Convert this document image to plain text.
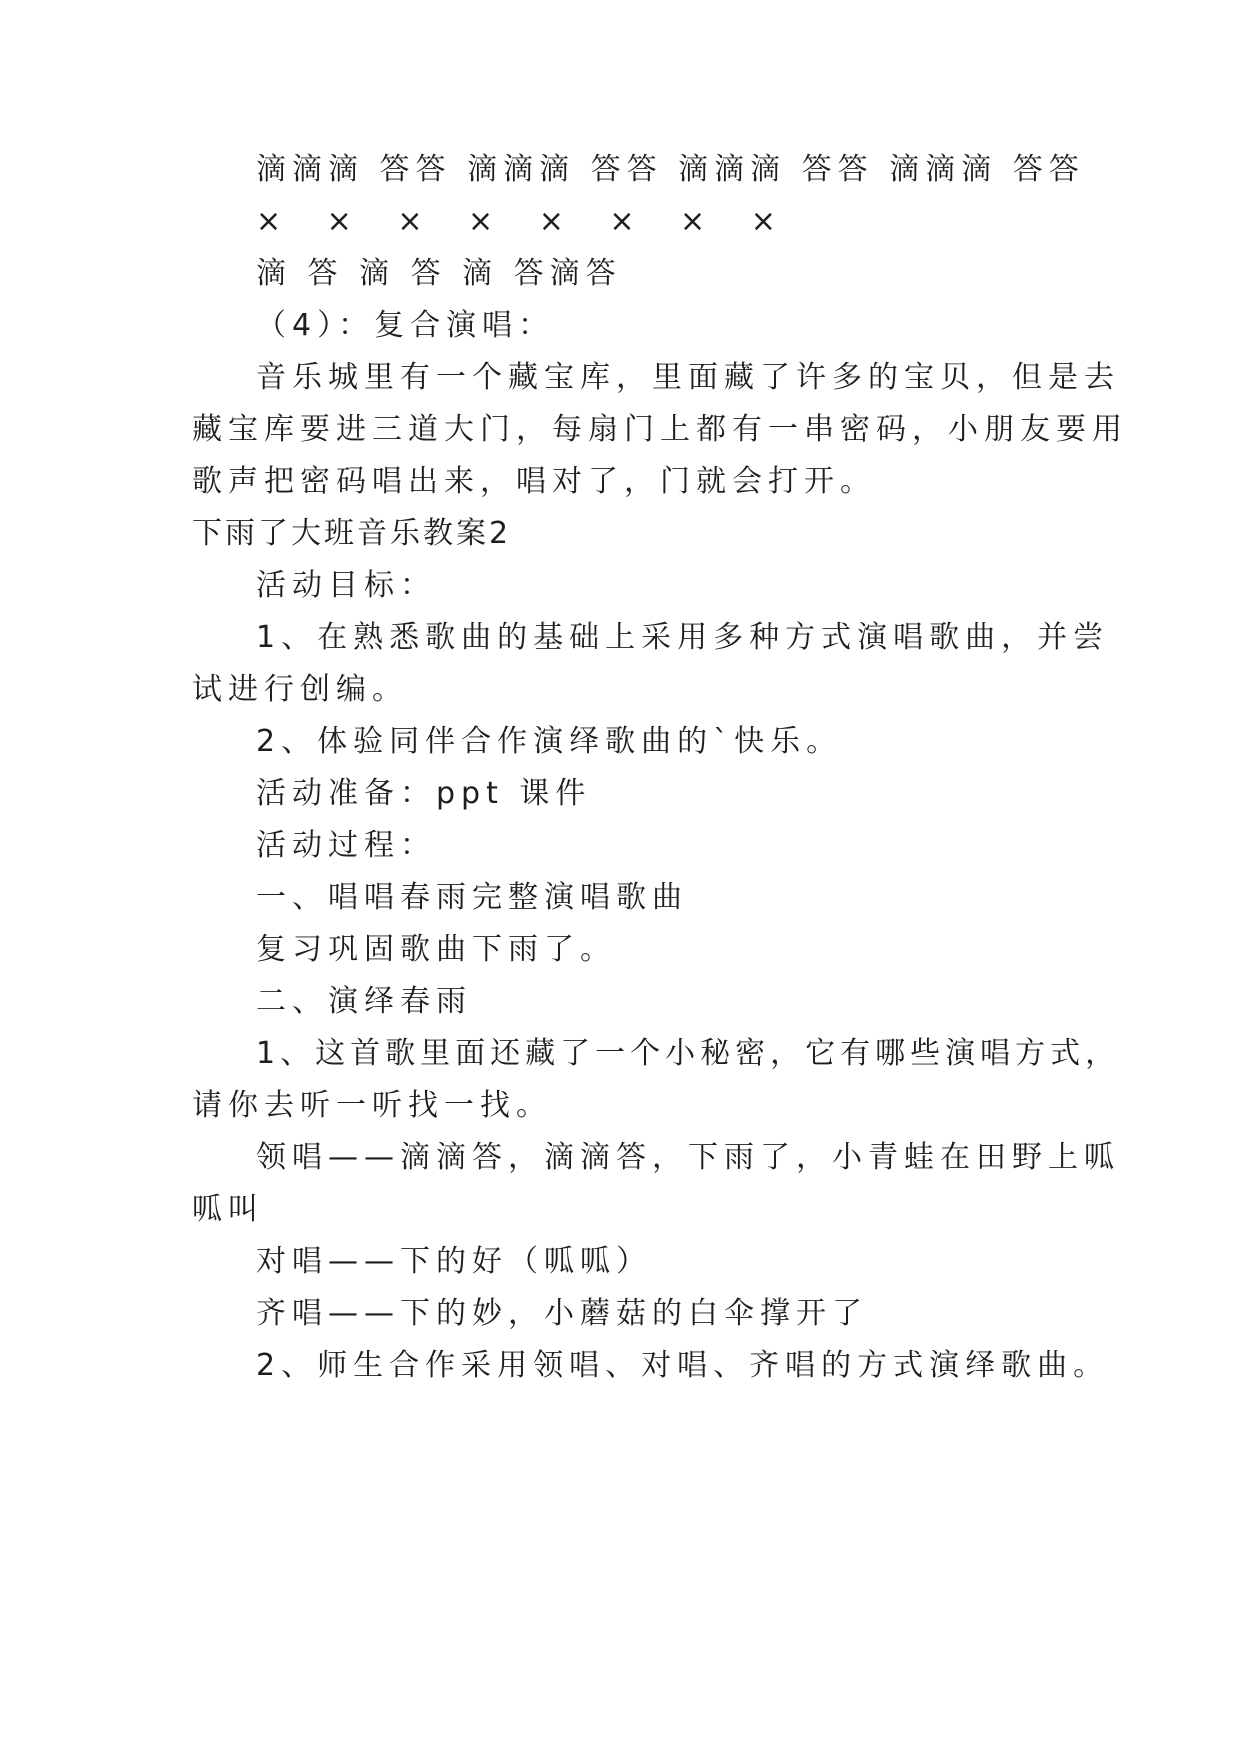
滴滴滴 答答 滴滴滴 答答 滴滴滴 答答 滴滴滴 答答
× × × × × × × ×
滴 答 滴 答 滴 答滴答
（4）：复合演唱：
音乐城里有一个藏宝库，里面藏了许多的宝贝，但是去
藏宝库要进三道大门，每扇门上都有一串密码，小朋友要用
歌声把密码唱出来，唱对了，门就会打开。
下雨了大班音乐教案2
活动目标：
1、在熟悉歌曲的基础上采用多种方式演唱歌曲，并尝
试进行创编。
2、体验同伴合作演绎歌曲的`快乐。
活动准备：ppt 课件
活动过程：
一、唱唱春雨完整演唱歌曲
复习巩固歌曲下雨了。
二、演绎春雨
1、这首歌里面还藏了一个小秘密，它有哪些演唱方式，
请你去听一听找一找。
领唱——滴滴答，滴滴答，下雨了，小青蛙在田野上呱
呱叫
对唱——下的好（呱呱）
齐唱——下的妙，小蘑菇的白伞撑开了
2、师生合作采用领唱、对唱、齐唱的方式演绎歌曲。
